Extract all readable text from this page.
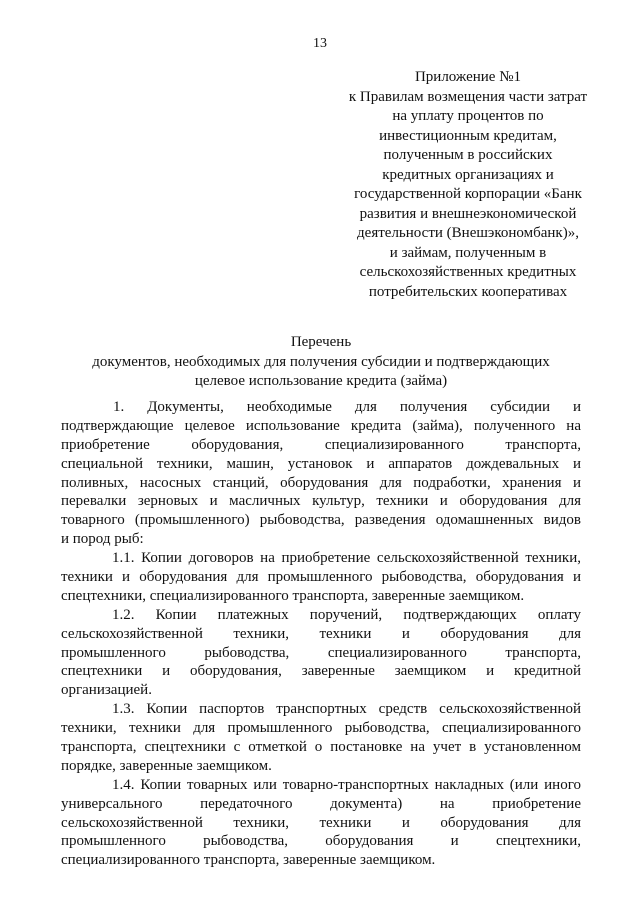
13
Приложение №1
к Правилам возмещения части затрат
на уплату процентов по
инвестиционным кредитам,
полученным в российских
кредитных организациях и
государственной корпорации «Банк
развития и внешнеэкономической
деятельности (Внешэкономбанк)»,
и займам, полученным в
сельскохозяйственных кредитных
потребительских кооперативах
Перечень
документов, необходимых для получения субсидии и подтверждающих
целевое использование кредита (займа)
1. Документы, необходимые для получения субсидии и
подтверждающие целевое использование кредита (займа), полученного на
приобретение оборудования, специализированного транспорта,
специальной техники, машин, установок и аппаратов дождевальных и
поливных, насосных станций, оборудования для подработки, хранения и
перевалки зерновых и масличных культур, техники и оборудования для
товарного (промышленного) рыбоводства, разведения одомашненных видов
и пород рыб:
1.1. Копии договоров на приобретение сельскохозяйственной техники,
техники и оборудования для промышленного рыбоводства, оборудования и
спецтехники, специализированного транспорта, заверенные заемщиком.
1.2. Копии платежных поручений, подтверждающих оплату
сельскохозяйственной техники, техники и оборудования для
промышленного рыбоводства, специализированного транспорта,
спецтехники и оборудования, заверенные заемщиком и кредитной
организацией.
1.3. Копии паспортов транспортных средств сельскохозяйственной
техники, техники для промышленного рыбоводства, специализированного
транспорта, спецтехники с отметкой о постановке на учет в установленном
порядке, заверенные заемщиком.
1.4. Копии товарных или товарно-транспортных накладных (или иного
универсального передаточного документа) на приобретение
сельскохозяйственной техники, техники и оборудования для
промышленного рыбоводства, оборудования и спецтехники,
специализированного транспорта, заверенные заемщиком.
